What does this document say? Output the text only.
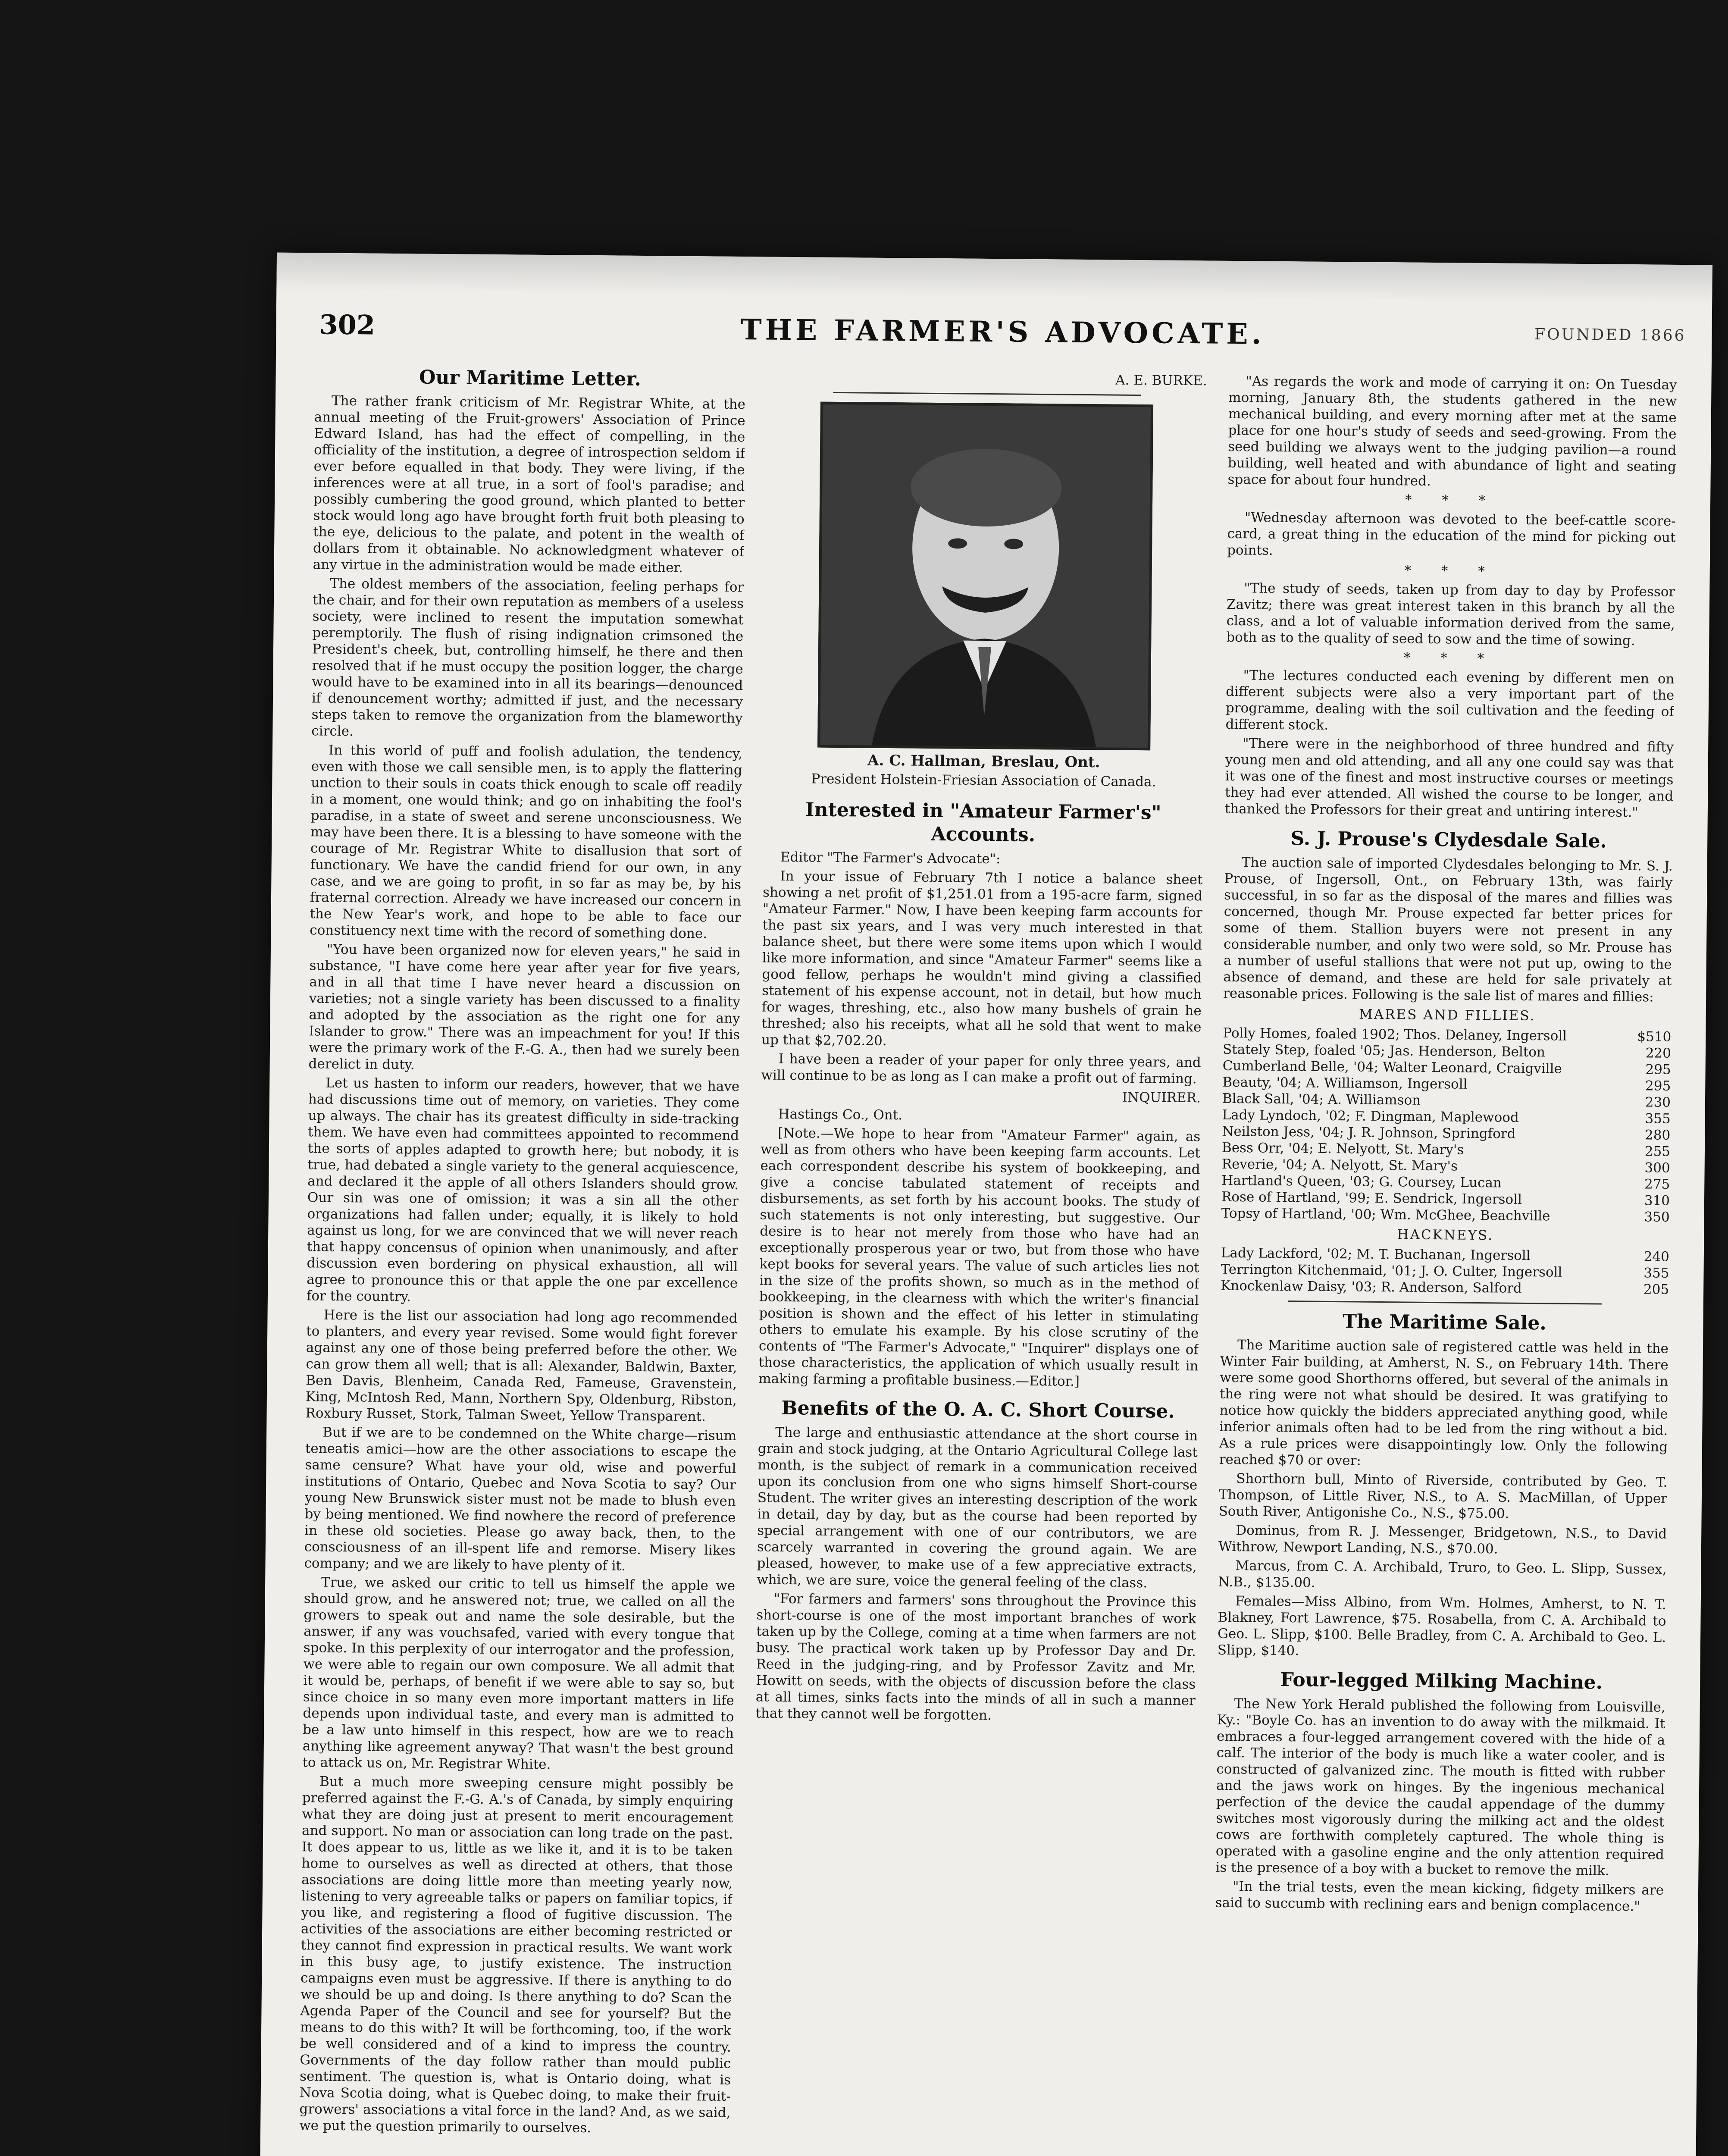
302	THE FARMER'S ADVOCATE.	FOUNDED 1866
Our Maritime Letter.

The rather frank criticism of Mr. Registrar White, at the annual meeting of the Fruit-growers' Association of Prince Edward Island, has had the effect of compelling, in the officiality of the institution, a degree of introspection seldom if ever before equalled in that body. They were living, if the inferences were at all true, in a sort of fool's paradise; and possibly cumbering the good ground, which planted to better stock would long ago have brought forth fruit both pleasing to the eye, delicious to the palate, and potent in the wealth of dollars from it obtainable. No acknowledgment whatever of any virtue in the administration would be made either.

The oldest members of the association, feeling perhaps for the chair, and for their own reputation as members of a useless society, were inclined to resent the imputation somewhat peremptorily. The flush of rising indignation crimsoned the President's cheek, but, controlling himself, he there and then resolved that if he must occupy the position logger, the charge would have to be examined into in all its bearings—denounced if denouncement worthy; admitted if just, and the necessary steps taken to remove the organization from the blameworthy circle.

In this world of puff and foolish adulation, the tendency, even with those we call sensible men, is to apply the flattering unction to their souls in coats thick enough to scale off readily in a moment, one would think; and go on inhabiting the fool's paradise, in a state of sweet and serene unconsciousness. We may have been there. It is a blessing to have someone with the courage of Mr. Registrar White to disallusion that sort of functionary. We have the candid friend for our own, in any case, and we are going to profit, in so far as may be, by his fraternal correction. Already we have increased our concern in the New Year's work, and hope to be able to face our constituency next time with the record of something done.

"You have been organized now for eleven years," he said in substance, "I have come here year after year for five years, and in all that time I have never heard a discussion on varieties; not a single variety has been discussed to a finality and adopted by the association as the right one for any Islander to grow." There was an impeachment for you! If this were the primary work of the F.-G. A., then had we surely been derelict in duty.

Let us hasten to inform our readers, however, that we have had discussions time out of memory, on varieties. They come up always. The chair has its greatest difficulty in side-tracking them. We have even had committees appointed to recommend the sorts of apples adapted to growth here; but nobody, it is true, had debated a single variety to the general acquiescence, and declared it the apple of all others Islanders should grow. Our sin was one of omission; it was a sin all the other organizations had fallen under; equally, it is likely to hold against us long, for we are convinced that we will never reach that happy concensus of opinion when unanimously, and after discussion even bordering on physical exhaustion, all will agree to pronounce this or that apple the one par excellence for the country.

Here is the list our association had long ago recommended to planters, and every year revised. Some would fight forever against any one of those being preferred before the other. We can grow them all well; that is all: Alexander, Baldwin, Baxter, Ben Davis, Blenheim, Canada Red, Fameuse, Gravenstein, King, McIntosh Red, Mann, Northern Spy, Oldenburg, Ribston, Roxbury Russet, Stork, Talman Sweet, Yellow Transparent.

But if we are to be condemned on the White charge—risum teneatis amici—how are the other associations to escape the same censure? What have your old, wise and powerful institutions of Ontario, Quebec and Nova Scotia to say? Our young New Brunswick sister must not be made to blush even by being mentioned. We find nowhere the record of preference in these old societies. Please go away back, then, to the consciousness of an ill-spent life and remorse. Misery likes company; and we are likely to have plenty of it.

True, we asked our critic to tell us himself the apple we should grow, and he answered not; true, we called on all the growers to speak out and name the sole desirable, but the answer, if any was vouchsafed, varied with every tongue that spoke. In this perplexity of our interrogator and the profession, we were able to regain our own composure. We all admit that it would be, perhaps, of benefit if we were able to say so, but since choice in so many even more important matters in life depends upon individual taste, and every man is admitted to be a law unto himself in this respect, how are we to reach anything like agreement anyway? That wasn't the best ground to attack us on, Mr. Registrar White.

But a much more sweeping censure might possibly be preferred against the F.-G. A.'s of Canada, by simply enquiring what they are doing just at present to merit encouragement and support. No man or association can long trade on the past. It does appear to us, little as we like it, and it is to be taken home to ourselves as well as directed at others, that those associations are doing little more than meeting yearly now, listening to very agreeable talks or papers on familiar topics, if you like, and registering a flood of fugitive discussion. The activities of the associations are either becoming restricted or they cannot find expression in practical results. We want work in this busy age, to justify existence. The instruction campaigns even must be aggressive. If there is anything to do we should be up and doing. Is there anything to do? Scan the Agenda Paper of the Council and see for yourself? But the means to do this with? It will be forthcoming, too, if the work be well considered and of a kind to impress the country. Governments of the day follow rather than mould public sentiment. The question is, what is Ontario doing, what is Nova Scotia doing, what is Quebec doing, to make their fruit-growers' associations a vital force in the land? And, as we said, we put the question primarily to ourselves.

A. E. BURKE.

A. C. Hallman, Breslau, Ont.

President Holstein-Friesian Association of Canada.

Interested in "Amateur Farmer's" Accounts.

Editor "The Farmer's Advocate":

In your issue of February 7th I notice a balance sheet showing a net profit of $1,251.01 from a 195-acre farm, signed "Amateur Farmer." Now, I have been keeping farm accounts for the past six years, and I was very much interested in that balance sheet, but there were some items upon which I would like more information, and since "Amateur Farmer" seems like a good fellow, perhaps he wouldn't mind giving a classified statement of his expense account, not in detail, but how much for wages, threshing, etc., also how many bushels of grain he threshed; also his receipts, what all he sold that went to make up that $2,702.20.

I have been a reader of your paper for only three years, and will continue to be as long as I can make a profit out of farming.

INQUIRER.

Hastings Co., Ont.

[Note.—We hope to hear from "Amateur Farmer" again, as well as from others who have been keeping farm accounts. Let each correspondent describe his system of bookkeeping, and give a concise tabulated statement of receipts and disbursements, as set forth by his account books. The study of such statements is not only interesting, but suggestive. Our desire is to hear not merely from those who have had an exceptionally prosperous year or two, but from those who have kept books for several years. The value of such articles lies not in the size of the profits shown, so much as in the method of bookkeeping, in the clearness with which the writer's financial position is shown and the effect of his letter in stimulating others to emulate his example. By his close scrutiny of the contents of "The Farmer's Advocate," "Inquirer" displays one of those characteristics, the application of which usually result in making farming a profitable business.—Editor.]

Benefits of the O. A. C. Short Course.

The large and enthusiastic attendance at the short course in grain and stock judging, at the Ontario Agricultural College last month, is the subject of remark in a communication received upon its conclusion from one who signs himself Short-course Student. The writer gives an interesting description of the work in detail, day by day, but as the course had been reported by special arrangement with one of our contributors, we are scarcely warranted in covering the ground again. We are pleased, however, to make use of a few appreciative extracts, which, we are sure, voice the general feeling of the class.

"For farmers and farmers' sons throughout the Province this short-course is one of the most important branches of work taken up by the College, coming at a time when farmers are not busy. The practical work taken up by Professor Day and Dr. Reed in the judging-ring, and by Professor Zavitz and Mr. Howitt on seeds, with the objects of discussion before the class at all times, sinks facts into the minds of all in such a manner that they cannot well be forgotten.

"As regards the work and mode of carrying it on: On Tuesday morning, January 8th, the students gathered in the new mechanical building, and every morning after met at the same place for one hour's study of seeds and seed-growing. From the seed building we always went to the judging pavilion—a round building, well heated and with abundance of light and seating space for about four hundred.

* * *

"Wednesday afternoon was devoted to the beef-cattle score-card, a great thing in the education of the mind for picking out points.

* * *

"The study of seeds, taken up from day to day by Professor Zavitz; there was great interest taken in this branch by all the class, and a lot of valuable information derived from the same, both as to the quality of seed to sow and the time of sowing.

* * *

"The lectures conducted each evening by different men on different subjects were also a very important part of the programme, dealing with the soil cultivation and the feeding of different stock.

"There were in the neighborhood of three hundred and fifty young men and old attending, and all any one could say was that it was one of the finest and most instructive courses or meetings they had ever attended. All wished the course to be longer, and thanked the Professors for their great and untiring interest."

S. J. Prouse's Clydesdale Sale.

The auction sale of imported Clydesdales belonging to Mr. S. J. Prouse, of Ingersoll, Ont., on February 13th, was fairly successful, in so far as the disposal of the mares and fillies was concerned, though Mr. Prouse expected far better prices for some of them. Stallion buyers were not present in any considerable number, and only two were sold, so Mr. Prouse has a number of useful stallions that were not put up, owing to the absence of demand, and these are held for sale privately at reasonable prices. Following is the sale list of mares and fillies:

MARES AND FILLIES.

Polly Homes, foaled 1902; Thos. Delaney, Ingersoll	$510

Stately Step, foaled '05; Jas. Henderson, Belton	220

Cumberland Belle, '04; Walter Leonard, Craigville	295

Beauty, '04; A. Williamson, Ingersoll	295

Black Sall, '04; A. Williamson	230

Lady Lyndoch, '02; F. Dingman, Maplewood	355

Neilston Jess, '04; J. R. Johnson, Springford	280

Bess Orr, '04; E. Nelyott, St. Mary's	255

Reverie, '04; A. Nelyott, St. Mary's	300

Hartland's Queen, '03; G. Coursey, Lucan	275

Rose of Hartland, '99; E. Sendrick, Ingersoll	310

Topsy of Hartland, '00; Wm. McGhee, Beachville	350

HACKNEYS.

Lady Lackford, '02; M. T. Buchanan, Ingersoll	240

Terrington Kitchenmaid, '01; J. O. Culter, Ingersoll	355

Knockenlaw Daisy, '03; R. Anderson, Salford	205

The Maritime Sale.

The Maritime auction sale of registered cattle was held in the Winter Fair building, at Amherst, N. S., on February 14th. There were some good Shorthorns offered, but several of the animals in the ring were not what should be desired. It was gratifying to notice how quickly the bidders appreciated anything good, while inferior animals often had to be led from the ring without a bid. As a rule prices were disappointingly low. Only the following reached $70 or over:

Shorthorn bull, Minto of Riverside, contributed by Geo. T. Thompson, of Little River, N.S., to A. S. MacMillan, of Upper South River, Antigonishe Co., N.S., $75.00.

Dominus, from R. J. Messenger, Bridgetown, N.S., to David Withrow, Newport Landing, N.S., $70.00.

Marcus, from C. A. Archibald, Truro, to Geo. L. Slipp, Sussex, N.B., $135.00.

Females—Miss Albino, from Wm. Holmes, Amherst, to N. T. Blakney, Fort Lawrence, $75. Rosabella, from C. A. Archibald to Geo. L. Slipp, $100. Belle Bradley, from C. A. Archibald to Geo. L. Slipp, $140.

Four-legged Milking Machine.

The New York Herald published the following from Louisville, Ky.: "Boyle Co. has an invention to do away with the milkmaid. It embraces a four-legged arrangement covered with the hide of a calf. The interior of the body is much like a water cooler, and is constructed of galvanized zinc. The mouth is fitted with rubber and the jaws work on hinges. By the ingenious mechanical perfection of the device the caudal appendage of the dummy switches most vigorously during the milking act and the oldest cows are forthwith completely captured. The whole thing is operated with a gasoline engine and the only attention required is the presence of a boy with a bucket to remove the milk.

"In the trial tests, even the mean kicking, fidgety milkers are said to succumb with reclining ears and benign complacence."
